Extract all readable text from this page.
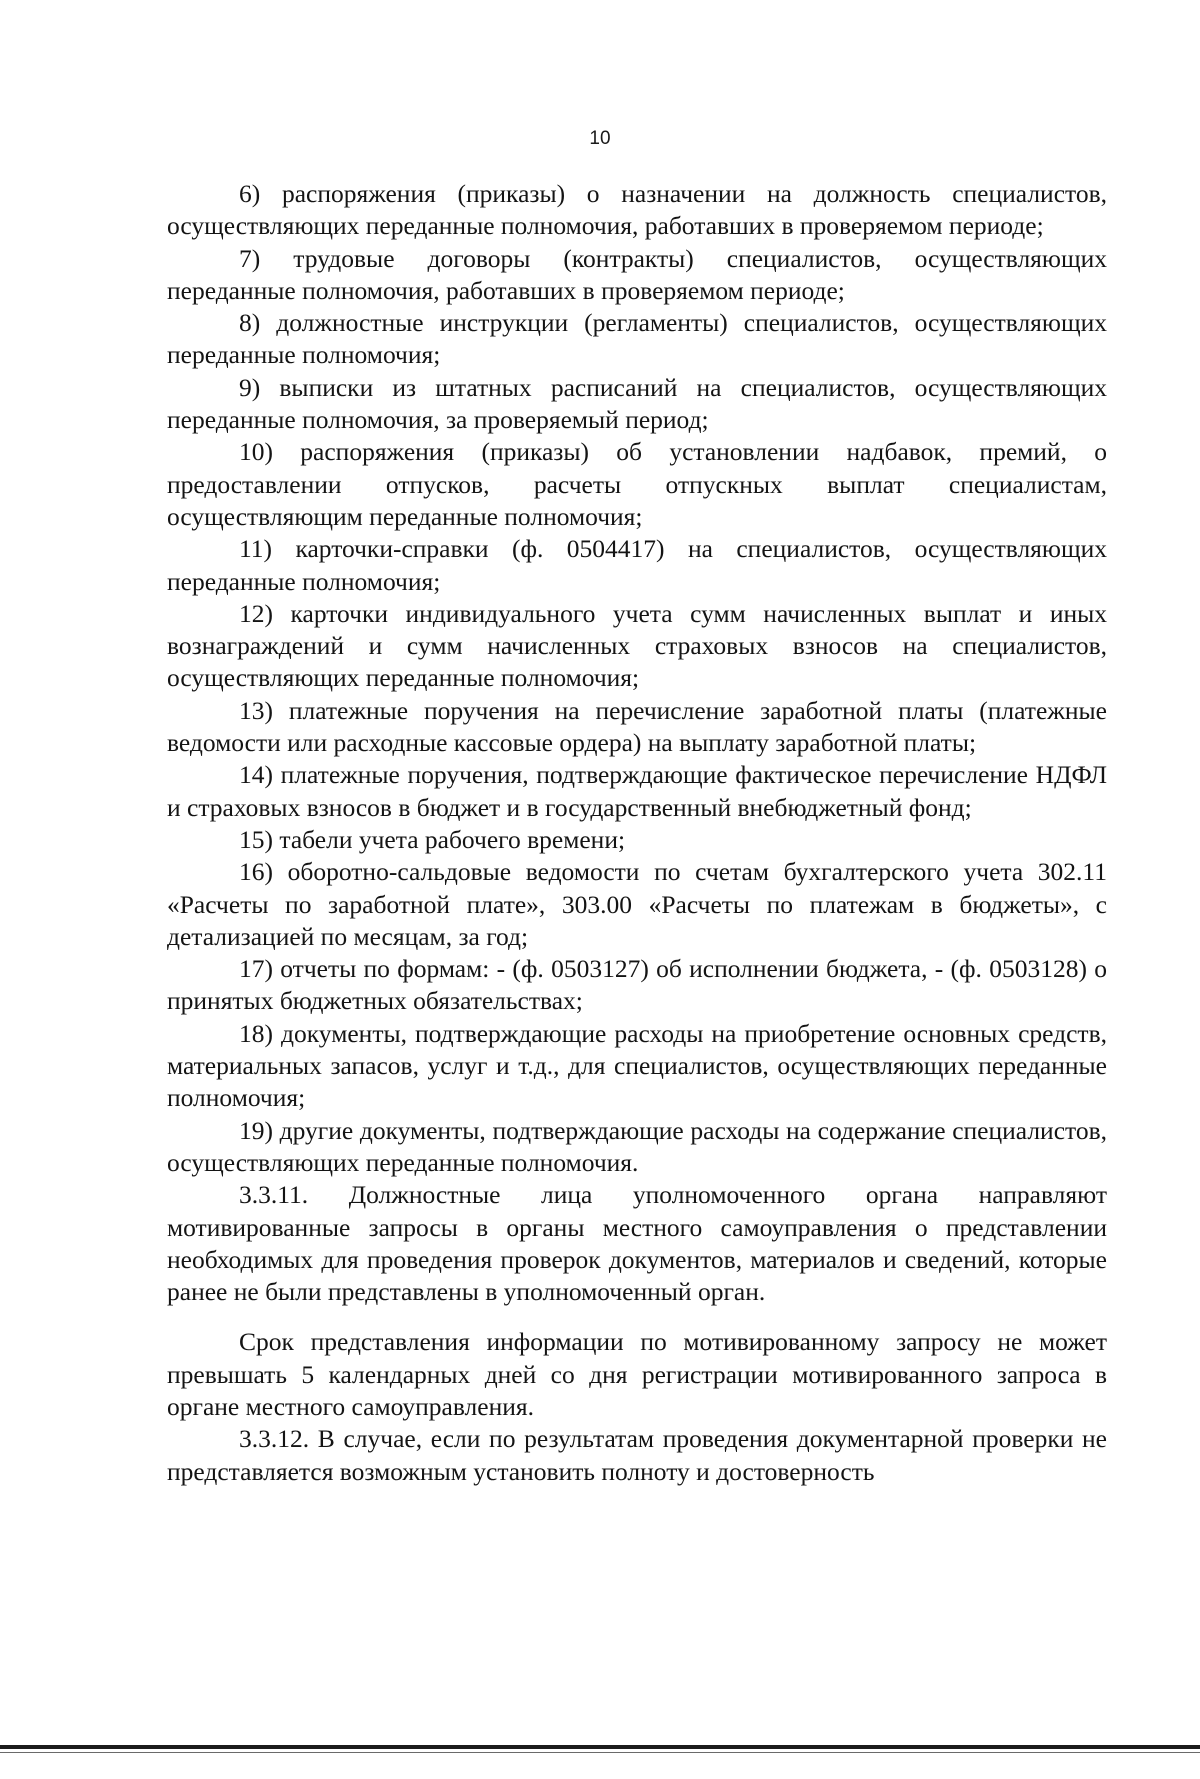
10

6) распоряжения (приказы) о назначении на должность специалистов, осуществляющих переданные полномочия, работавших в проверяемом периоде;

7) трудовые договоры (контракты) специалистов, осуществляющих переданные полномочия, работавших в проверяемом периоде;

8) должностные инструкции (регламенты) специалистов, осуществляющих переданные полномочия;

9) выписки из штатных расписаний на специалистов, осуществляющих переданные полномочия, за проверяемый период;

10) распоряжения (приказы) об установлении надбавок, премий, о предоставлении отпусков, расчеты отпускных выплат специалистам, осуществляющим переданные полномочия;

11) карточки-справки (ф. 0504417) на специалистов, осуществляющих переданные полномочия;

12) карточки индивидуального учета сумм начисленных выплат и иных вознаграждений и сумм начисленных страховых взносов на специалистов, осуществляющих переданные полномочия;

13) платежные поручения на перечисление заработной платы (платежные ведомости или расходные кассовые ордера) на выплату заработной платы;

14) платежные поручения, подтверждающие фактическое перечисление НДФЛ и страховых взносов в бюджет и в государственный внебюджетный фонд;

15) табели учета рабочего времени;

16) оборотно-сальдовые ведомости по счетам бухгалтерского учета 302.11 «Расчеты по заработной плате», 303.00 «Расчеты по платежам в бюджеты», с детализацией по месяцам, за год;

17) отчеты по формам: - (ф. 0503127) об исполнении бюджета, - (ф. 0503128) о принятых бюджетных обязательствах;

18) документы, подтверждающие расходы на приобретение основных средств, материальных запасов, услуг и т.д., для специалистов, осуществляющих переданные полномочия;

19) другие документы, подтверждающие расходы на содержание специалистов, осуществляющих переданные полномочия.

3.3.11. Должностные лица уполномоченного органа направляют мотивированные запросы в органы местного самоуправления о представлении необходимых для проведения проверок документов, материалов и сведений, которые ранее не были представлены в уполномоченный орган.

Срок представления информации по мотивированному запросу не может превышать 5 календарных дней со дня регистрации мотивированного запроса в органе местного самоуправления.

3.3.12. В случае, если по результатам проведения документарной проверки не представляется возможным установить полноту и достоверность
